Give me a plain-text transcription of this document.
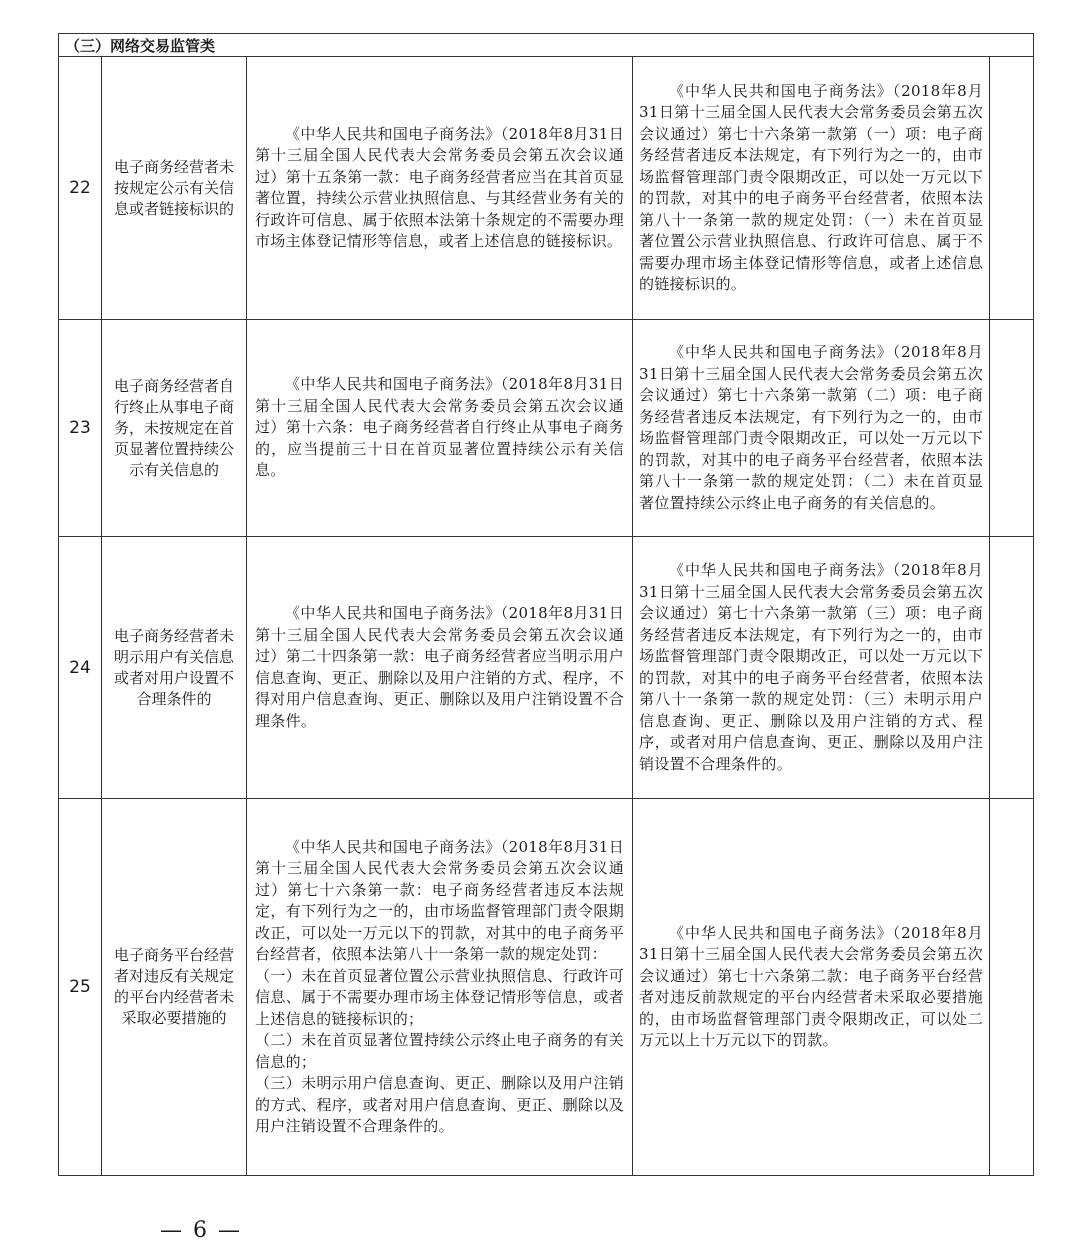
（三）网络交易监管类				
22	电子商务经营者未按规定公示有关信息或者链接标识的	《中华人民共和国电子商务法》（2018年8月31日第十三届全国人民代表大会常务委员会第五次会议通过）第十五条第一款：电子商务经营者应当在其首页显著位置，持续公示营业执照信息、与其经营业务有关的行政许可信息、属于依照本法第十条规定的不需要办理市场主体登记情形等信息，或者上述信息的链接标识。	《中华人民共和国电子商务法》（2018年8月31日第十三届全国人民代表大会常务委员会第五次会议通过）第七十六条第一款第（一）项：电子商务经营者违反本法规定，有下列行为之一的，由市场监督管理部门责令限期改正，可以处一万元以下的罚款，对其中的电子商务平台经营者，依照本法第八十一条第一款的规定处罚：（一）未在首页显著位置公示营业执照信息、行政许可信息、属于不需要办理市场主体登记情形等信息，或者上述信息的链接标识的。	

23	电子商务经营者自行终止从事电子商务，未按规定在首页显著位置持续公示有关信息的	《中华人民共和国电子商务法》（2018年8月31日第十三届全国人民代表大会常务委员会第五次会议通过）第十六条：电子商务经营者自行终止从事电子商务的，应当提前三十日在首页显著位置持续公示有关信息。	《中华人民共和国电子商务法》（2018年8月31日第十三届全国人民代表大会常务委员会第五次会议通过）第七十六条第一款第（二）项：电子商务经营者违反本法规定，有下列行为之一的，由市场监督管理部门责令限期改正，可以处一万元以下的罚款，对其中的电子商务平台经营者，依照本法第八十一条第一款的规定处罚：（二）未在首页显著位置持续公示终止电子商务的有关信息的。	

24	电子商务经营者未明示用户有关信息或者对用户设置不合理条件的	《中华人民共和国电子商务法》（2018年8月31日第十三届全国人民代表大会常务委员会第五次会议通过）第二十四条第一款：电子商务经营者应当明示用户信息查询、更正、删除以及用户注销的方式、程序，不得对用户信息查询、更正、删除以及用户注销设置不合理条件。	《中华人民共和国电子商务法》（2018年8月31日第十三届全国人民代表大会常务委员会第五次会议通过）第七十六条第一款第（三）项：电子商务经营者违反本法规定，有下列行为之一的，由市场监督管理部门责令限期改正，可以处一万元以下的罚款，对其中的电子商务平台经营者，依照本法第八十一条第一款的规定处罚：（三）未明示用户信息查询、更正、删除以及用户注销的方式、程序，或者对用户信息查询、更正、删除以及用户注销设置不合理条件的。	

25	电子商务平台经营者对违反有关规定的平台内经营者未采取必要措施的	《中华人民共和国电子商务法》（2018年8月31日第十三届全国人民代表大会常务委员会第五次会议通过）第七十六条第一款：电子商务经营者违反本法规定，有下列行为之一的，由市场监督管理部门责令限期改正，可以处一万元以下的罚款，对其中的电子商务平台经营者，依照本法第八十一条第一款的规定处罚：
（一）未在首页显著位置公示营业执照信息、行政许可信息、属于不需要办理市场主体登记情形等信息，或者上述信息的链接标识的；
（二）未在首页显著位置持续公示终止电子商务的有关信息的；
（三）未明示用户信息查询、更正、删除以及用户注销的方式、程序，或者对用户信息查询、更正、删除以及用户注销设置不合理条件的。	《中华人民共和国电子商务法》（2018年8月31日第十三届全国人民代表大会常务委员会第五次会议通过）第七十六条第二款：电子商务平台经营者对违反前款规定的平台内经营者未采取必要措施的，由市场监督管理部门责令限期改正，可以处二万元以上十万元以下的罚款。	

— 6 —
